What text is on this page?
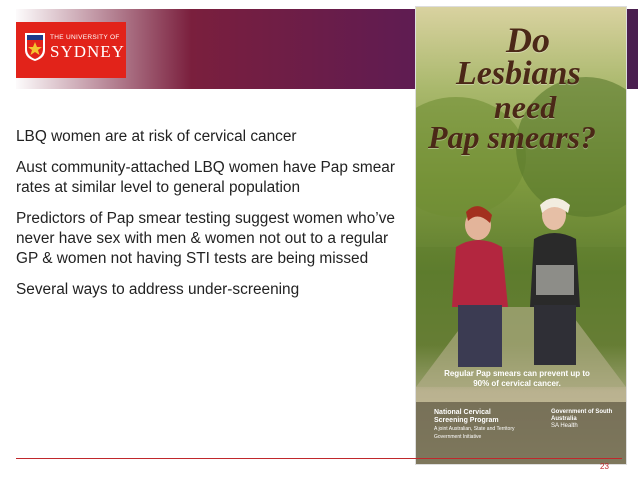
THE UNIVERSITY OF
SYDNEY
LBQ women are at risk of cervical cancer
Aust community-attached LBQ women have Pap smear rates at similar level to general population
Predictors of Pap smear testing suggest women who’ve never have sex with men & women not out to a regular GP & women not having STI tests are being missed
Several ways to address under-screening
Do
Lesbians
need
Pap smears?
Regular Pap smears can prevent up to 90% of cervical cancer.
National Cervical Screening Program
A joint Australian, State and Territory Government Initiative
Government of South Australia
SA Health
23
